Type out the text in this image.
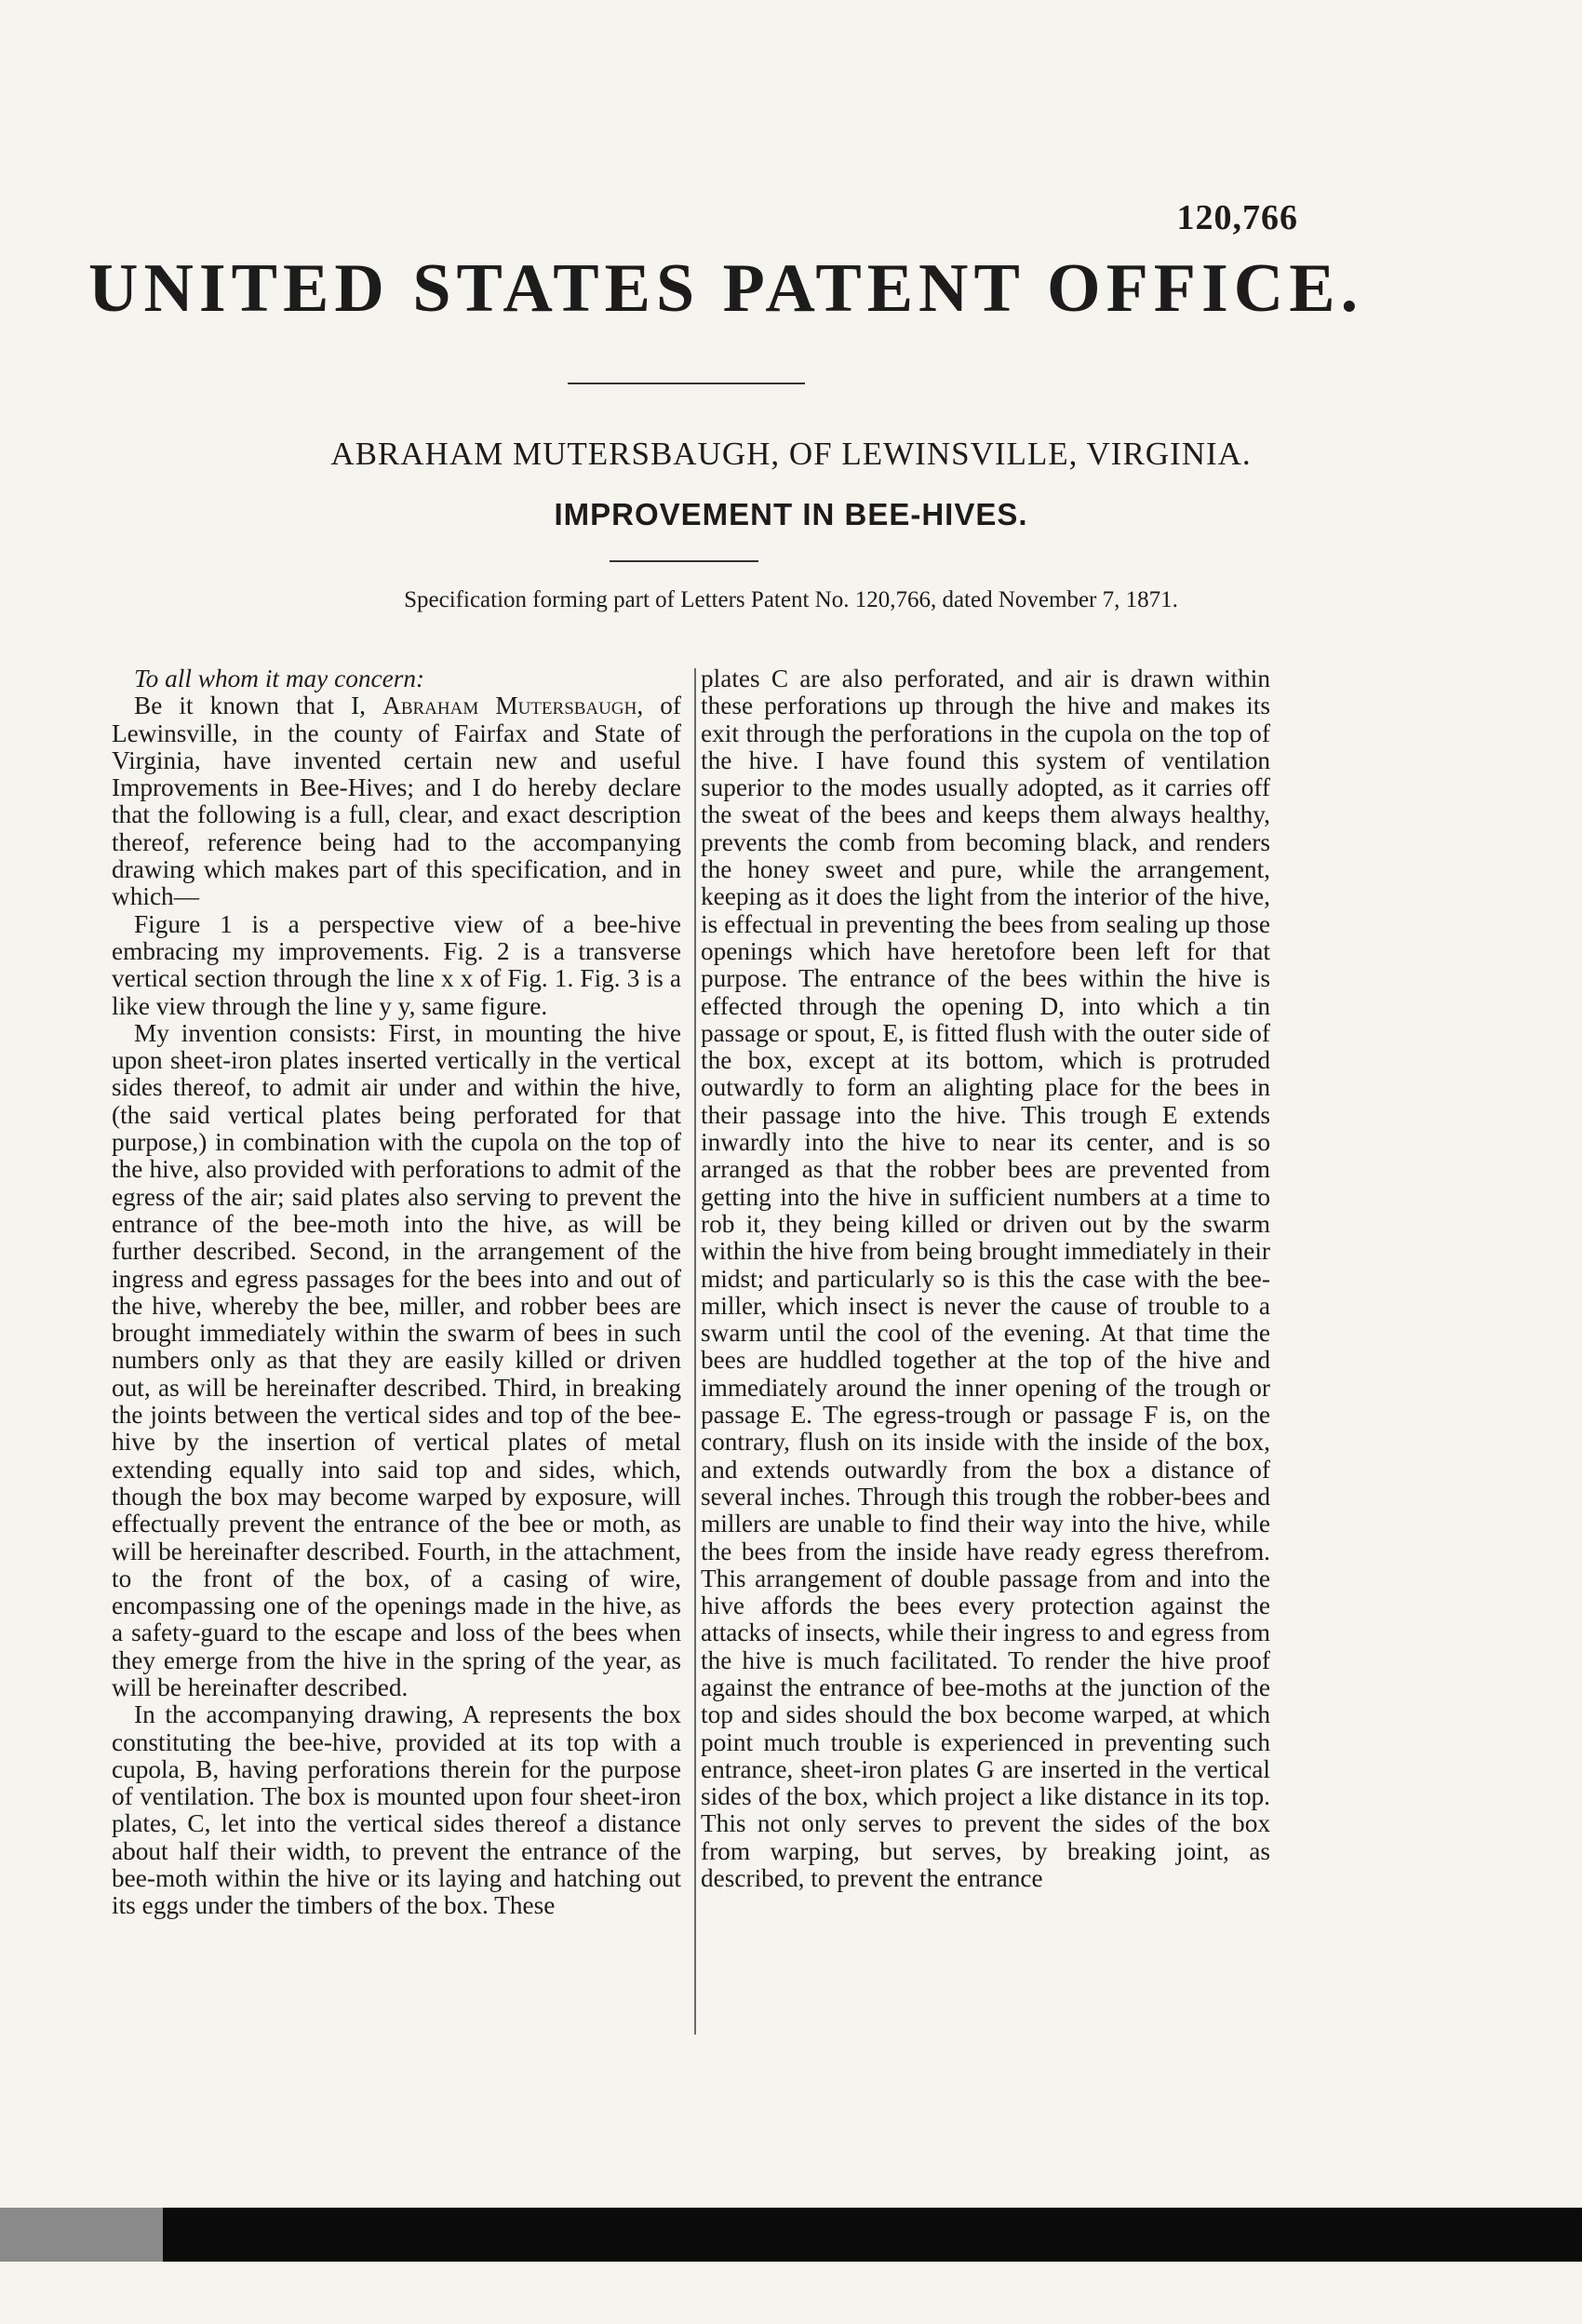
120,766
UNITED STATES PATENT OFFICE.
ABRAHAM MUTERSBAUGH, OF LEWINSVILLE, VIRGINIA.
IMPROVEMENT IN BEE-HIVES.
Specification forming part of Letters Patent No. 120,766, dated November 7, 1871.

To all whom it may concern:

Be it known that I, Abraham Mutersbaugh, of Lewinsville, in the county of Fairfax and State of Virginia, have invented certain new and useful Improvements in Bee-Hives; and I do hereby declare that the following is a full, clear, and exact description thereof, reference being had to the accompanying drawing which makes part of this specification, and in which—

Figure 1 is a perspective view of a bee-hive embracing my improvements. Fig. 2 is a transverse vertical section through the line x x of Fig. 1. Fig. 3 is a like view through the line y y, same figure.

My invention consists: First, in mounting the hive upon sheet-iron plates inserted vertically in the vertical sides thereof, to admit air under and within the hive, (the said vertical plates being perforated for that purpose,) in combination with the cupola on the top of the hive, also provided with perforations to admit of the egress of the air; said plates also serving to prevent the entrance of the bee-moth into the hive, as will be further described. Second, in the arrangement of the ingress and egress passages for the bees into and out of the hive, whereby the bee, miller, and robber bees are brought immediately within the swarm of bees in such numbers only as that they are easily killed or driven out, as will be hereinafter described. Third, in breaking the joints between the vertical sides and top of the bee-hive by the insertion of vertical plates of metal extending equally into said top and sides, which, though the box may become warped by exposure, will effectually prevent the entrance of the bee or moth, as will be hereinafter described. Fourth, in the attachment, to the front of the box, of a casing of wire, encompassing one of the openings made in the hive, as a safety-guard to the escape and loss of the bees when they emerge from the hive in the spring of the year, as will be hereinafter described.

In the accompanying drawing, A represents the box constituting the bee-hive, provided at its top with a cupola, B, having perforations therein for the purpose of ventilation. The box is mounted upon four sheet-iron plates, C, let into the vertical sides thereof a distance about half their width, to prevent the entrance of the bee-moth within the hive or its laying and hatching out its eggs under the timbers of the box. These

plates C are also perforated, and air is drawn within these perforations up through the hive and makes its exit through the perforations in the cupola on the top of the hive. I have found this system of ventilation superior to the modes usually adopted, as it carries off the sweat of the bees and keeps them always healthy, prevents the comb from becoming black, and renders the honey sweet and pure, while the arrangement, keeping as it does the light from the interior of the hive, is effectual in preventing the bees from sealing up those openings which have heretofore been left for that purpose. The entrance of the bees within the hive is effected through the opening D, into which a tin passage or spout, E, is fitted flush with the outer side of the box, except at its bottom, which is protruded outwardly to form an alighting place for the bees in their passage into the hive. This trough E extends inwardly into the hive to near its center, and is so arranged as that the robber bees are prevented from getting into the hive in sufficient numbers at a time to rob it, they being killed or driven out by the swarm within the hive from being brought immediately in their midst; and particularly so is this the case with the bee-miller, which insect is never the cause of trouble to a swarm until the cool of the evening. At that time the bees are huddled together at the top of the hive and immediately around the inner opening of the trough or passage E. The egress-trough or passage F is, on the contrary, flush on its inside with the inside of the box, and extends outwardly from the box a distance of several inches. Through this trough the robber-bees and millers are unable to find their way into the hive, while the bees from the inside have ready egress therefrom. This arrangement of double passage from and into the hive affords the bees every protection against the attacks of insects, while their ingress to and egress from the hive is much facilitated. To render the hive proof against the entrance of bee-moths at the junction of the top and sides should the box become warped, at which point much trouble is experienced in preventing such entrance, sheet-iron plates G are inserted in the vertical sides of the box, which project a like distance in its top. This not only serves to prevent the sides of the box from warping, but serves, by breaking joint, as described, to prevent the entrance
